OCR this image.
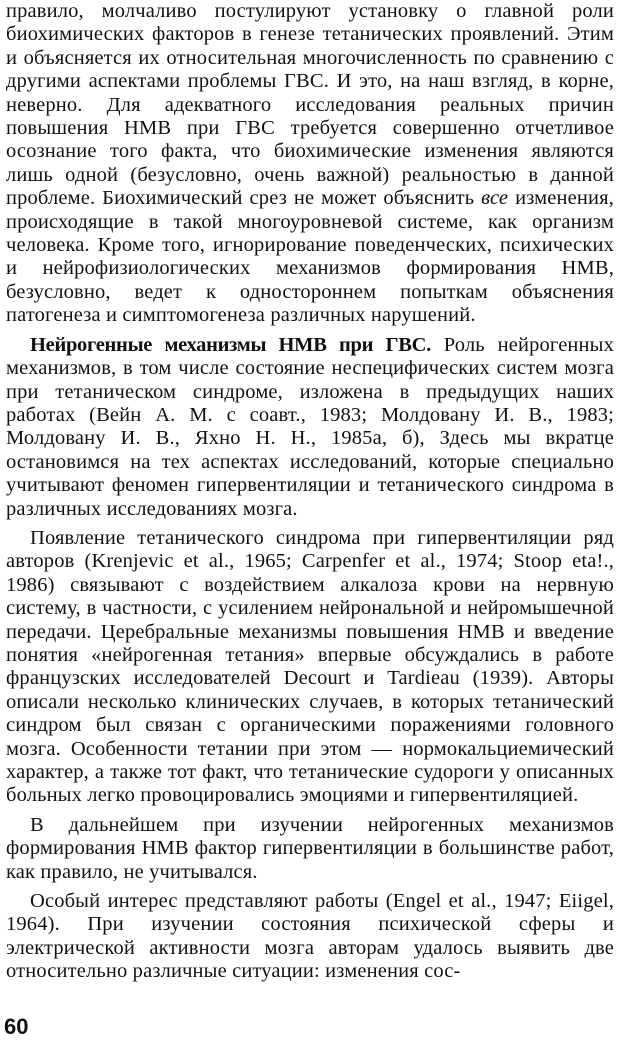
правило, молчаливо постулируют установку о главной роли биохимических факторов в генезе тетанических проявлений. Этим и объясняется их относительная многочисленность по сравнению с другими аспектами проблемы ГВС. И это, на наш взгляд, в корне, неверно. Для адекватного исследования реальных причин повышения НМВ при ГВС требуется совершенно отчетливое осознание того факта, что биохимические изменения являются лишь одной (безусловно, очень важной) реальностью в данной проблеме. Биохимический срез не может объяснить все изменения, происходящие в такой многоуровневой системе, как организм человека. Кроме того, игнорирование поведенческих, психических и нейрофизиологических механизмов формирования НМВ, безусловно, ведет к одностороннем попыткам объяснения патогенеза и симптомогенеза различных нарушений.

Нейрогенные механизмы НМВ при ГВС. Роль нейрогенных механизмов, в том числе состояние неспецифических систем мозга при тетаническом синдроме, изложена в предыдущих наших работах (Вейн А. М. с соавт., 1983; Молдовану И. В., 1983; Молдовану И. В., Яхно Н. Н., 1985а, б), Здесь мы вкратце остановимся на тех аспектах исследований, которые специально учитывают феномен гипервентиляции и тетанического синдрома в различных исследованиях мозга.

Появление тетанического синдрома при гипервентиляции ряд авторов (Krenjevic et al., 1965; Carpenfer et al., 1974; Stoop eta!., 1986) связывают с воздействием алкалоза крови на нервную систему, в частности, с усилением нейрональной и нейромышечной передачи. Церебральные механизмы повышения НМВ и введение понятия «нейрогенная тетания» впервые обсуждались в работе французских исследователей Decourt и Tardieau (1939). Авторы описали несколько клинических случаев, в которых тетанический синдром был связан с органическими поражениями головного мозга. Особенности тетании при этом — нормокальциемический характер, а также тот факт, что тетанические судороги у описанных больных легко провоцировались эмоциями и гипервентиляцией.

В дальнейшем при изучении нейрогенных механизмов формирования НМВ фактор гипервентиляции в большинстве работ, как правило, не учитывался.

Особый интерес представляют работы (Engel et al., 1947; Eiigel, 1964). При изучении состояния психической сферы и электрической активности мозга авторам удалось выявить две относительно различные ситуации: изменения сос-

60
